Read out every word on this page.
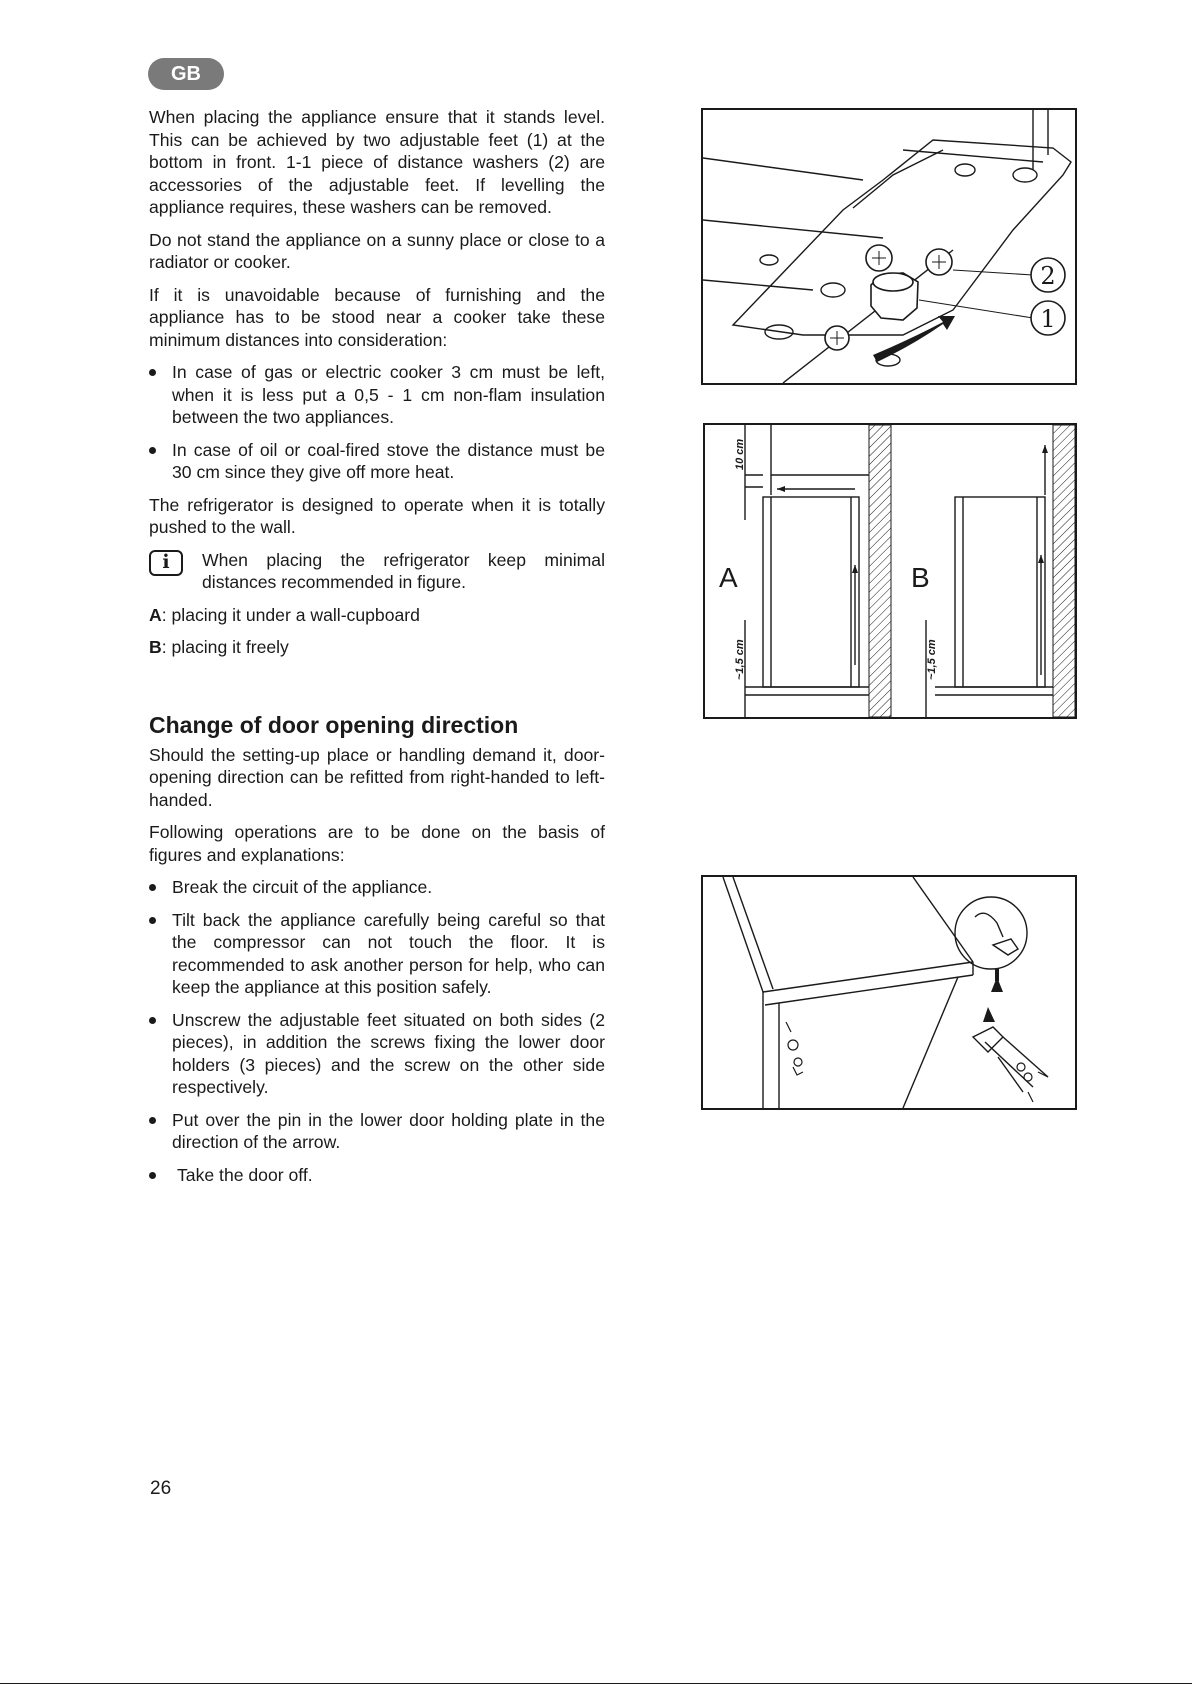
GB

When placing the appliance ensure that it stands level. This can be achieved by two adjustable feet (1) at the bottom in front. 1-1 piece of distance washers (2) are accessories of the adjustable feet. If levelling the appliance requires, these washers can be removed.

Do not stand the appliance on a sunny place or close to a radiator or cooker.

If it is unavoidable because of furnishing and the appliance has to be stood near a cooker take these minimum distances into consideration:

In case of gas or electric cooker 3 cm must be left, when it is less put a 0,5 - 1 cm non-flam insulation between the two appliances.
In case of oil or coal-fired stove the distance must be 30 cm since they give off more heat.

The refrigerator is designed to operate when it is totally pushed to the wall.

i	When placing the refrigerator keep minimal distances recommended in figure.

A: placing it under a wall-cupboard

B: placing it freely

Change of door opening direction

Should the setting-up place or handling demand it, door-opening direction can be refitted from right-handed to left-handed.

Following operations are to be done on the basis of figures and explanations:

Break the circuit of the appliance.
Tilt back the appliance carefully being careful so that the compressor can not touch the floor. It is recommended to ask another person for help, who can keep the appliance at this position safely.
Unscrew the adjustable feet situated on both sides (2 pieces), in addition the screws fixing the lower door holders (3 pieces) and the screw on the other side respectively.
Put over the pin in the lower door holding plate in the direction of the arrow.
Take the door off.
2
1
A	B
10 cm
~1,5 cm	~1,5 cm
26
